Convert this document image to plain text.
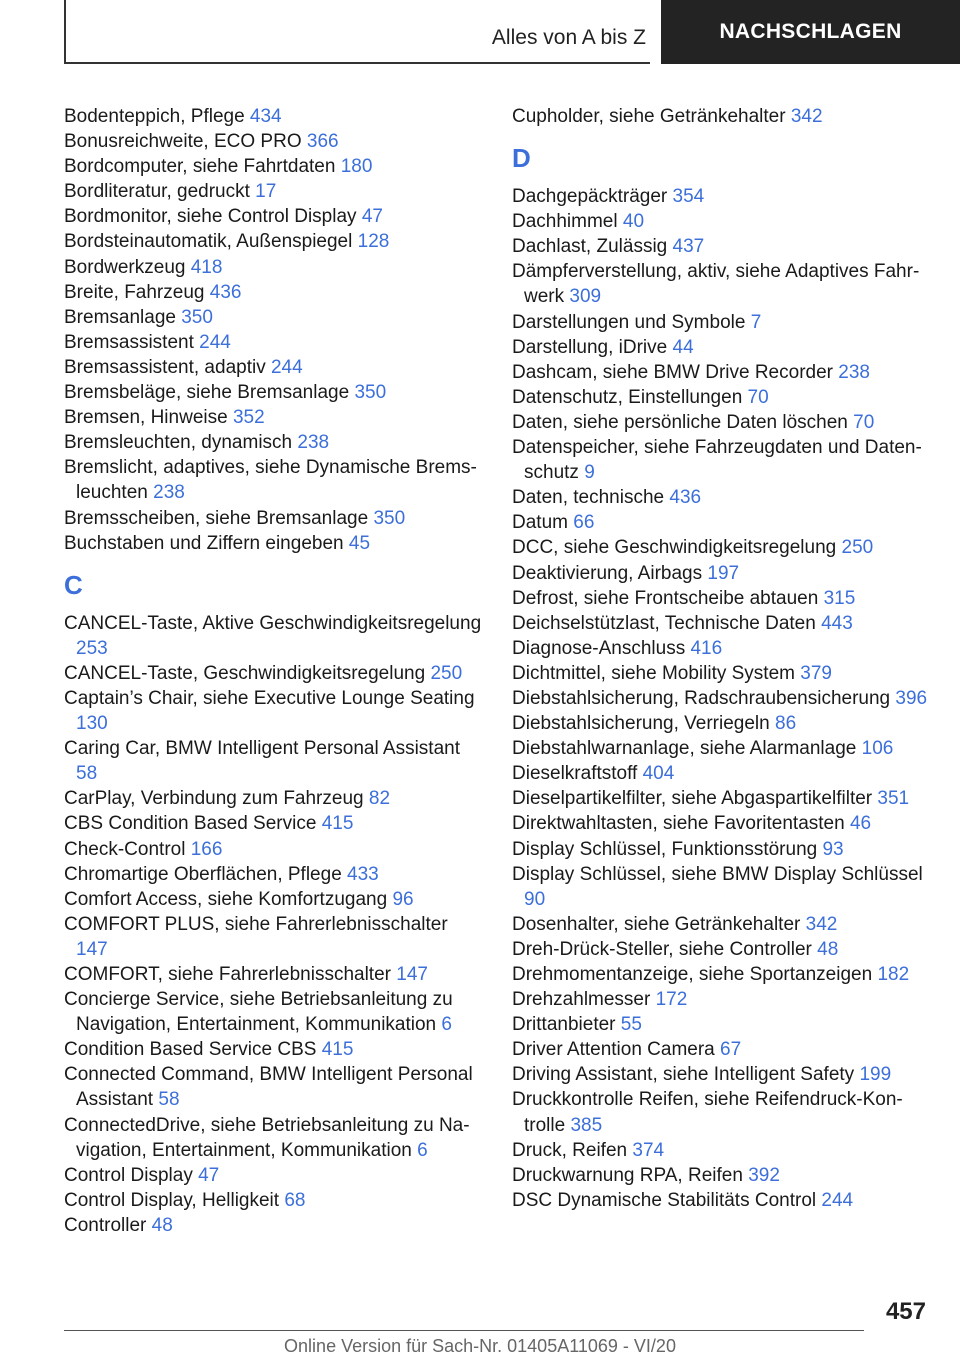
Alles von A bis Z	NACHSCHLAGEN
Bodenteppich, Pflege 434
Bonusreichweite, ECO PRO 366
Bordcomputer, siehe Fahrtdaten 180
Bordliteratur, gedruckt 17
Bordmonitor, siehe Control Display 47
Bordsteinautomatik, Außenspiegel 128
Bordwerkzeug 418
Breite, Fahrzeug 436
Bremsanlage 350
Bremsassistent 244
Bremsassistent, adaptiv 244
Bremsbeläge, siehe Bremsanlage 350
Bremsen, Hinweise 352
Bremsleuchten, dynamisch 238
Bremslicht, adaptives, siehe Dynamische Bremsleuchten 238
Bremsscheiben, siehe Bremsanlage 350
Buchstaben und Ziffern eingeben 45
C
CANCEL-Taste, Aktive Geschwindigkeitsregelung 253
CANCEL-Taste, Geschwindigkeitsregelung 250
Captain’s Chair, siehe Executive Lounge Seating 130
Caring Car, BMW Intelligent Personal Assistant 58
CarPlay, Verbindung zum Fahrzeug 82
CBS Condition Based Service 415
Check-Control 166
Chromartige Oberflächen, Pflege 433
Comfort Access, siehe Komfortzugang 96
COMFORT PLUS, siehe Fahrerlebnisschalter 147
COMFORT, siehe Fahrerlebnisschalter 147
Concierge Service, siehe Betriebsanleitung zu Navigation, Entertainment, Kommunikation 6
Condition Based Service CBS 415
Connected Command, BMW Intelligent Personal Assistant 58
ConnectedDrive, siehe Betriebsanleitung zu Navigation, Entertainment, Kommunikation 6
Control Display 47
Control Display, Helligkeit 68
Controller 48
Cupholder, siehe Getränkehalter 342
D
Dachgepäckträger 354
Dachhimmel 40
Dachlast, Zulässig 437
Dämpferverstellung, aktiv, siehe Adaptives Fahrwerk 309
Darstellungen und Symbole 7
Darstellung, iDrive 44
Dashcam, siehe BMW Drive Recorder 238
Datenschutz, Einstellungen 70
Daten, siehe persönliche Daten löschen 70
Datenspeicher, siehe Fahrzeugdaten und Datenschutz 9
Daten, technische 436
Datum 66
DCC, siehe Geschwindigkeitsregelung 250
Deaktivierung, Airbags 197
Defrost, siehe Frontscheibe abtauen 315
Deichselstützlast, Technische Daten 443
Diagnose-Anschluss 416
Dichtmittel, siehe Mobility System 379
Diebstahlsicherung, Radschraubensicherung 396
Diebstahlsicherung, Verriegeln 86
Diebstahlwarnanlage, siehe Alarmanlage 106
Dieselkraftstoff 404
Dieselpartikelfilter, siehe Abgaspartikelfilter 351
Direktwahltasten, siehe Favoritentasten 46
Display Schlüssel, Funktionsstörung 93
Display Schlüssel, siehe BMW Display Schlüssel 90
Dosenhalter, siehe Getränkehalter 342
Dreh-Drück-Steller, siehe Controller 48
Drehmomentanzeige, siehe Sportanzeigen 182
Drehzahlmesser 172
Drittanbieter 55
Driver Attention Camera 67
Driving Assistant, siehe Intelligent Safety 199
Druckkontrolle Reifen, siehe Reifendruck-Kontrolle 385
Druck, Reifen 374
Druckwarnung RPA, Reifen 392
DSC Dynamische Stabilitäts Control 244
457
Online Version für Sach-Nr. 01405A11069 - VI/20
